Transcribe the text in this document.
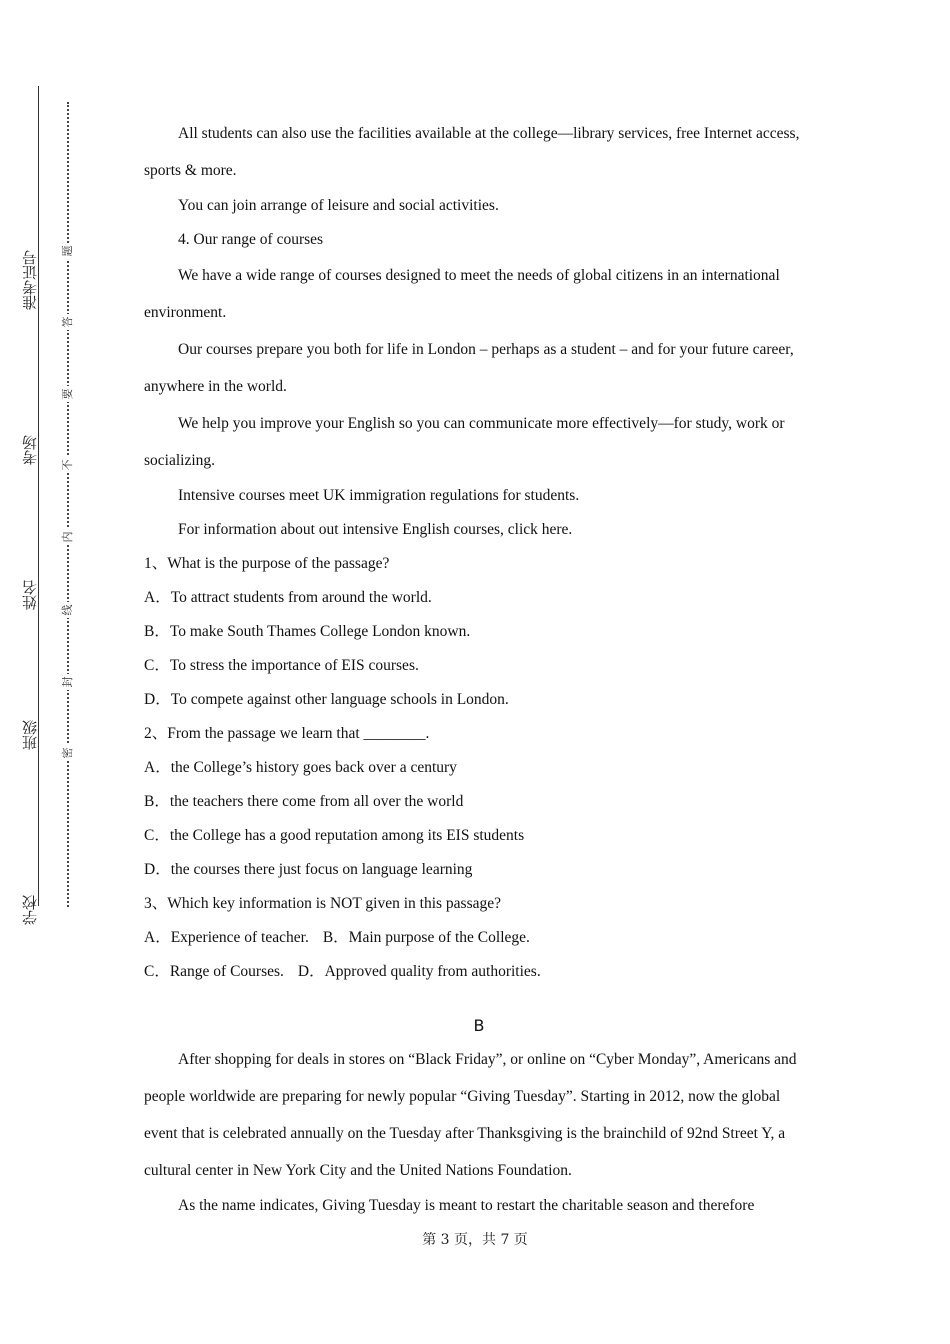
准考证号
考场
姓名
班级
学校
题
答
要
不
内
线
封
密

All students can also use the facilities available at the college—library services, free Internet access, sports & more.

You can join arrange of leisure and social activities.

4. Our range of courses

We have a wide range of courses designed to meet the needs of global citizens in an international environment.

Our courses prepare you both for life in London – perhaps as a student – and for your future career, anywhere in the world.

We help you improve your English so you can communicate more effectively—for study, work or socializing.

Intensive courses meet UK immigration regulations for students.

For information about out intensive English courses, click here.

1、What is the purpose of the passage?

A．To attract students from around the world.

B．To make South Thames College London known.

C．To stress the importance of EIS courses.

D．To compete against other language schools in London.

2、From the passage we learn that ________.

A．the College’s history goes back over a century

B．the teachers there come from all over the world

C．the College has a good reputation among its EIS students

D．the courses there just focus on language learning

3、Which key information is NOT given in this passage?

A．Experience of teacher. B．Main purpose of the College.

C．Range of Courses. D．Approved quality from authorities.

B

After shopping for deals in stores on “Black Friday”, or online on “Cyber Monday”, Americans and people worldwide are preparing for newly popular “Giving Tuesday”. Starting in 2012, now the global event that is celebrated annually on the Tuesday after Thanksgiving is the brainchild of 92nd Street Y, a cultural center in New York City and the United Nations Foundation.

As the name indicates, Giving Tuesday is meant to restart the charitable season and therefore

第 3 页，共 7 页
